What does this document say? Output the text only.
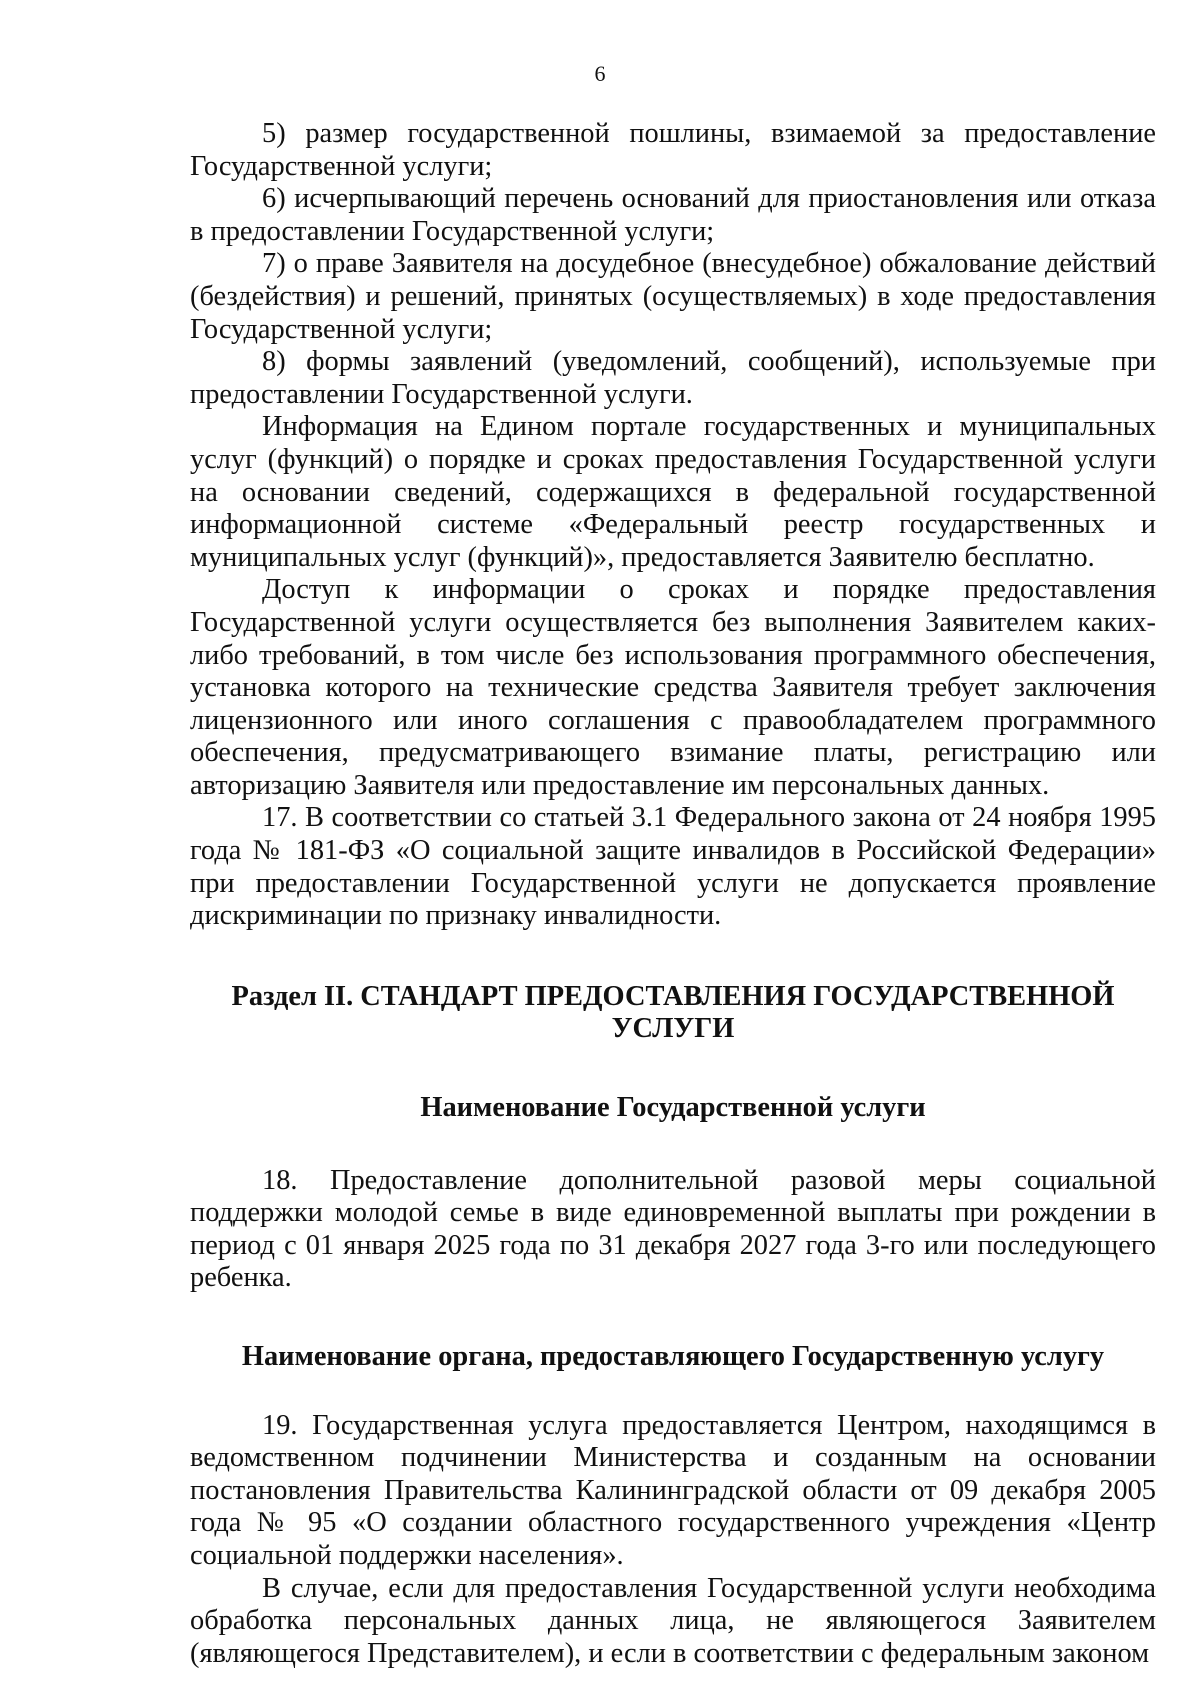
6

5) размер государственной пошлины, взимаемой за предоставление Государственной услуги;

6) исчерпывающий перечень оснований для приостановления или отказа в предоставлении Государственной услуги;

7) о праве Заявителя на досудебное (внесудебное) обжалование действий (бездействия) и решений, принятых (осуществляемых) в ходе предоставления Государственной услуги;

8) формы заявлений (уведомлений, сообщений), используемые при предоставлении Государственной услуги.

Информация на Едином портале государственных и муниципальных услуг (функций) о порядке и сроках предоставления Государственной услуги на основании сведений, содержащихся в федеральной государственной информационной системе «Федеральный реестр государственных и муниципальных услуг (функций)», предоставляется Заявителю бесплатно.

Доступ к информации о сроках и порядке предоставления Государственной услуги осуществляется без выполнения Заявителем каких-либо требований, в том числе без использования программного обеспечения, установка которого на технические средства Заявителя требует заключения лицензионного или иного соглашения с правообладателем программного обеспечения, предусматривающего взимание платы, регистрацию или авторизацию Заявителя или предоставление им персональных данных.

17. В соответствии со статьей 3.1 Федерального закона от 24 ноября 1995 года № 181-ФЗ «О социальной защите инвалидов в Российской Федерации» при предоставлении Государственной услуги не допускается проявление дискриминации по признаку инвалидности.

Раздел II. СТАНДАРТ ПРЕДОСТАВЛЕНИЯ ГОСУДАРСТВЕННОЙ
УСЛУГИ
Наименование Государственной услуги

18. Предоставление дополнительной разовой меры социальной поддержки молодой семье в виде единовременной выплаты при рождении в период с 01 января 2025 года по 31 декабря 2027 года 3-го или последующего ребенка.

Наименование органа, предоставляющего Государственную услугу

19. Государственная услуга предоставляется Центром, находящимся в ведомственном подчинении Министерства и созданным на основании постановления Правительства Калининградской области от 09 декабря 2005 года № 95 «О создании областного государственного учреждения «Центр социальной поддержки населения».

В случае, если для предоставления Государственной услуги необходима обработка персональных данных лица, не являющегося Заявителем (являющегося Представителем), и если в соответствии с федеральным законом
